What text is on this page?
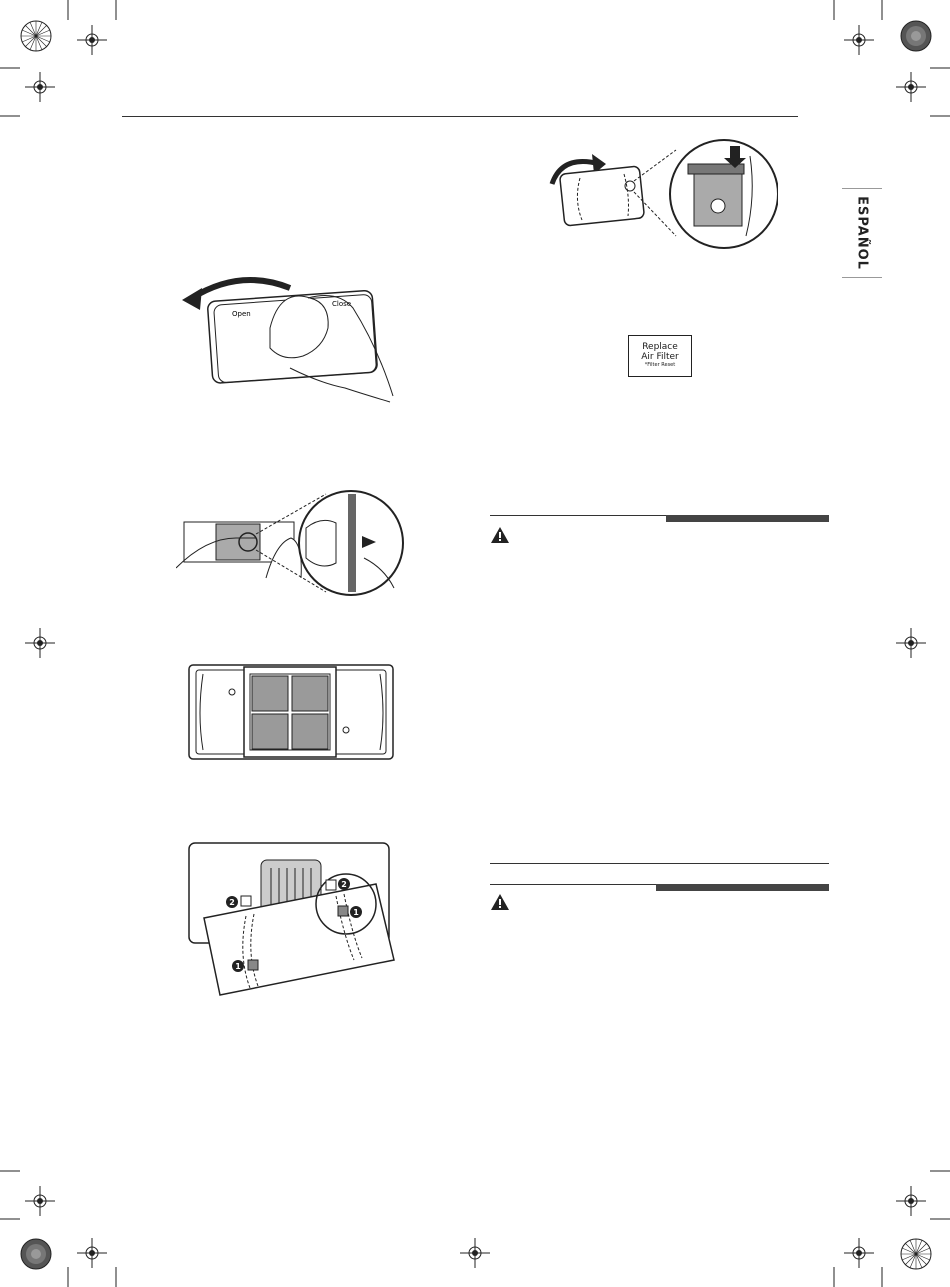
ESPAÑOL
Open
Close
2
2
1
1
Replace
Air Filter
*Filter Reset
